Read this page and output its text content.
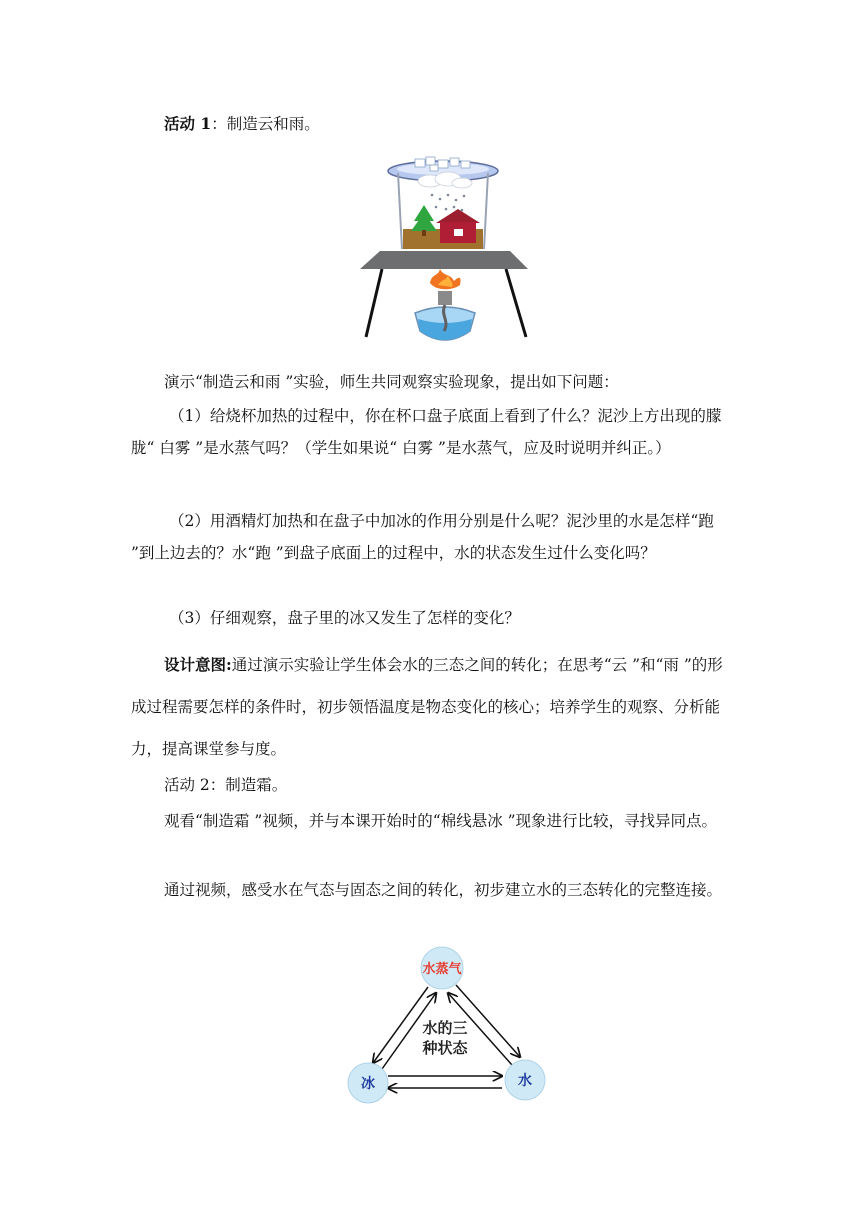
活动 1：制造云和雨。

演示“制造云和雨 ”实验，师生共同观察实验现象，提出如下问题：

（1）给烧杯加热的过程中，你在杯口盘子底面上看到了什么？泥沙上方出现的朦胧“ 白雾 ”是水蒸气吗？（学生如果说“ 白雾 ”是水蒸气，应及时说明并纠正。）

（2）用酒精灯加热和在盘子中加冰的作用分别是什么呢？泥沙里的水是怎样“跑 ”到上边去的？水“跑 ”到盘子底面上的过程中，水的状态发生过什么变化吗？

（3）仔细观察，盘子里的冰又发生了怎样的变化？

设计意图:通过演示实验让学生体会水的三态之间的转化；在思考“云 ”和“雨 ”的形成过程需要怎样的条件时，初步领悟温度是物态变化的核心；培养学生的观察、分析能力，提高课堂参与度。

活动 2：制造霜。

观看“制造霜 ”视频，并与本课开始时的“棉线悬冰 ”现象进行比较，寻找异同点。

通过视频，感受水在气态与固态之间的转化，初步建立水的三态转化的完整连接。

水蒸气
冰	水
水的三
种状态
